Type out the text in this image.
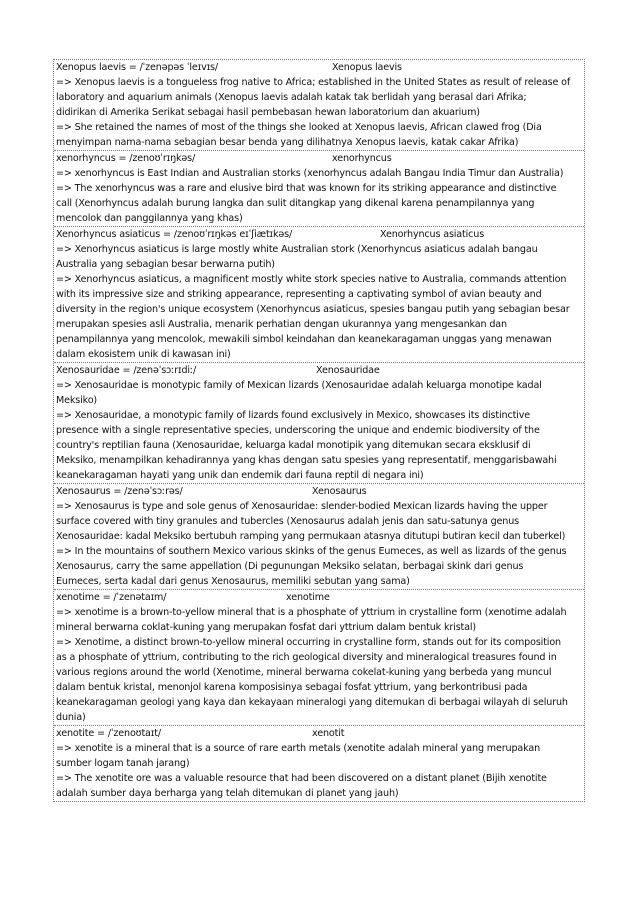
Xenopus laevis = /ˈzenəpəs ˈleɪvɪs/	Xenopus laevis
=> Xenopus laevis is a tongueless frog native to Africa; established in the United States as result of release of
laboratory and aquarium animals (Xenopus laevis adalah katak tak berlidah yang berasal dari Afrika;
didirikan di Amerika Serikat sebagai hasil pembebasan hewan laboratorium dan akuarium)
=> She retained the names of most of the things she looked at Xenopus laevis, African clawed frog (Dia
menyimpan nama-nama sebagian besar benda yang dilihatnya Xenopus laevis, katak cakar Afrika)
xenorhyncus = /zenoʊˈrɪŋkəs/	xenorhyncus
=> xenorhyncus is East Indian and Australian storks (xenorhyncus adalah Bangau India Timur dan Australia)
=> The xenorhyncus was a rare and elusive bird that was known for its striking appearance and distinctive
call (Xenorhyncus adalah burung langka dan sulit ditangkap yang dikenal karena penampilannya yang
mencolok dan panggilannya yang khas)
Xenorhyncus asiaticus = /zenoʊˈrɪŋkəs eɪˈʃiætɪkəs/	Xenorhyncus asiaticus
=> Xenorhyncus asiaticus is large mostly white Australian stork (Xenorhyncus asiaticus adalah bangau
Australia yang sebagian besar berwarna putih)
=> Xenorhyncus asiaticus, a magnificent mostly white stork species native to Australia, commands attention
with its impressive size and striking appearance, representing a captivating symbol of avian beauty and
diversity in the region's unique ecosystem (Xenorhyncus asiaticus, spesies bangau putih yang sebagian besar
merupakan spesies asli Australia, menarik perhatian dengan ukurannya yang mengesankan dan
penampilannya yang mencolok, mewakili simbol keindahan dan keanekaragaman unggas yang menawan
dalam ekosistem unik di kawasan ini)
Xenosauridae = /zenəˈsɔːrɪdiː/	Xenosauridae
=> Xenosauridae is monotypic family of Mexican lizards (Xenosauridae adalah keluarga monotipe kadal
Meksiko)
=> Xenosauridae, a monotypic family of lizards found exclusively in Mexico, showcases its distinctive
presence with a single representative species, underscoring the unique and endemic biodiversity of the
country's reptilian fauna (Xenosauridae, keluarga kadal monotipik yang ditemukan secara eksklusif di
Meksiko, menampilkan kehadirannya yang khas dengan satu spesies yang representatif, menggarisbawahi
keanekaragaman hayati yang unik dan endemik dari fauna reptil di negara ini)
Xenosaurus = /zenəˈsɔːrəs/	Xenosaurus
=> Xenosaurus is type and sole genus of Xenosauridae: slender-bodied Mexican lizards having the upper
surface covered with tiny granules and tubercles (Xenosaurus adalah jenis dan satu-satunya genus
Xenosauridae: kadal Meksiko bertubuh ramping yang permukaan atasnya ditutupi butiran kecil dan tuberkel)
=> In the mountains of southern Mexico various skinks of the genus Eumeces, as well as lizards of the genus
Xenosaurus, carry the same appellation (Di pegunungan Meksiko selatan, berbagai skink dari genus
Eumeces, serta kadal dari genus Xenosaurus, memiliki sebutan yang sama)
xenotime = /ˈzenətaɪm/	xenotime
=> xenotime is a brown-to-yellow mineral that is a phosphate of yttrium in crystalline form (xenotime adalah
mineral berwarna coklat-kuning yang merupakan fosfat dari yttrium dalam bentuk kristal)
=> Xenotime, a distinct brown-to-yellow mineral occurring in crystalline form, stands out for its composition
as a phosphate of yttrium, contributing to the rich geological diversity and mineralogical treasures found in
various regions around the world (Xenotime, mineral berwarna cokelat-kuning yang berbeda yang muncul
dalam bentuk kristal, menonjol karena komposisinya sebagai fosfat yttrium, yang berkontribusi pada
keanekaragaman geologi yang kaya dan kekayaan mineralogi yang ditemukan di berbagai wilayah di seluruh
dunia)
xenotite = /ˈzenoʊtaɪt/	xenotit
=> xenotite is a mineral that is a source of rare earth metals (xenotite adalah mineral yang merupakan
sumber logam tanah jarang)
=> The xenotite ore was a valuable resource that had been discovered on a distant planet (Bijih xenotite
adalah sumber daya berharga yang telah ditemukan di planet yang jauh)
